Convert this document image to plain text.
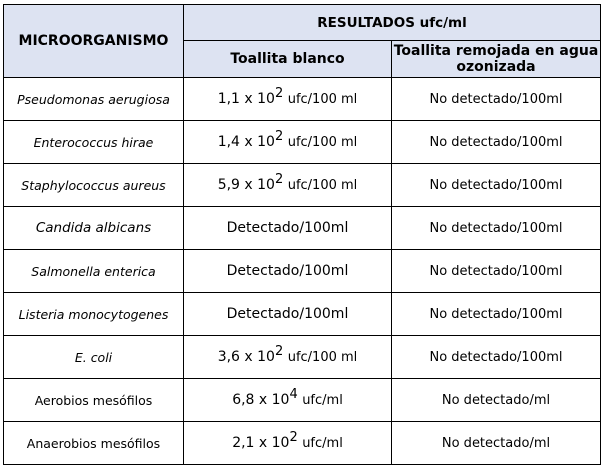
MICROORGANISMO	RESULTADOS ufc/ml	
	Toallita blanco	Toallita remojada en agua ozonizada
Pseudomonas aerugiosa	1,1 x $10^2$ ufc/100 ml	No detectado/100ml
Enterococcus hirae	1,4 x $10^2$ ufc/100 ml	No detectado/100ml
Staphylococcus aureus	5,9 x $10^2$ ufc/100 ml	No detectado/100ml
Candida albicans	Detectado/100ml	No detectado/100ml
Salmonella enterica	Detectado/100ml	No detectado/100ml
Listeria monocytogenes	Detectado/100ml	No detectado/100ml
E. coli	3,6 x $10^2$ ufc/100 ml	No detectado/100ml
Aerobios mesófilos	6,8 x $10^4$ ufc/ml	No detectado/ml
Anaerobios mesófilos	2,1 x $10^2$ ufc/ml	No detectado/ml
